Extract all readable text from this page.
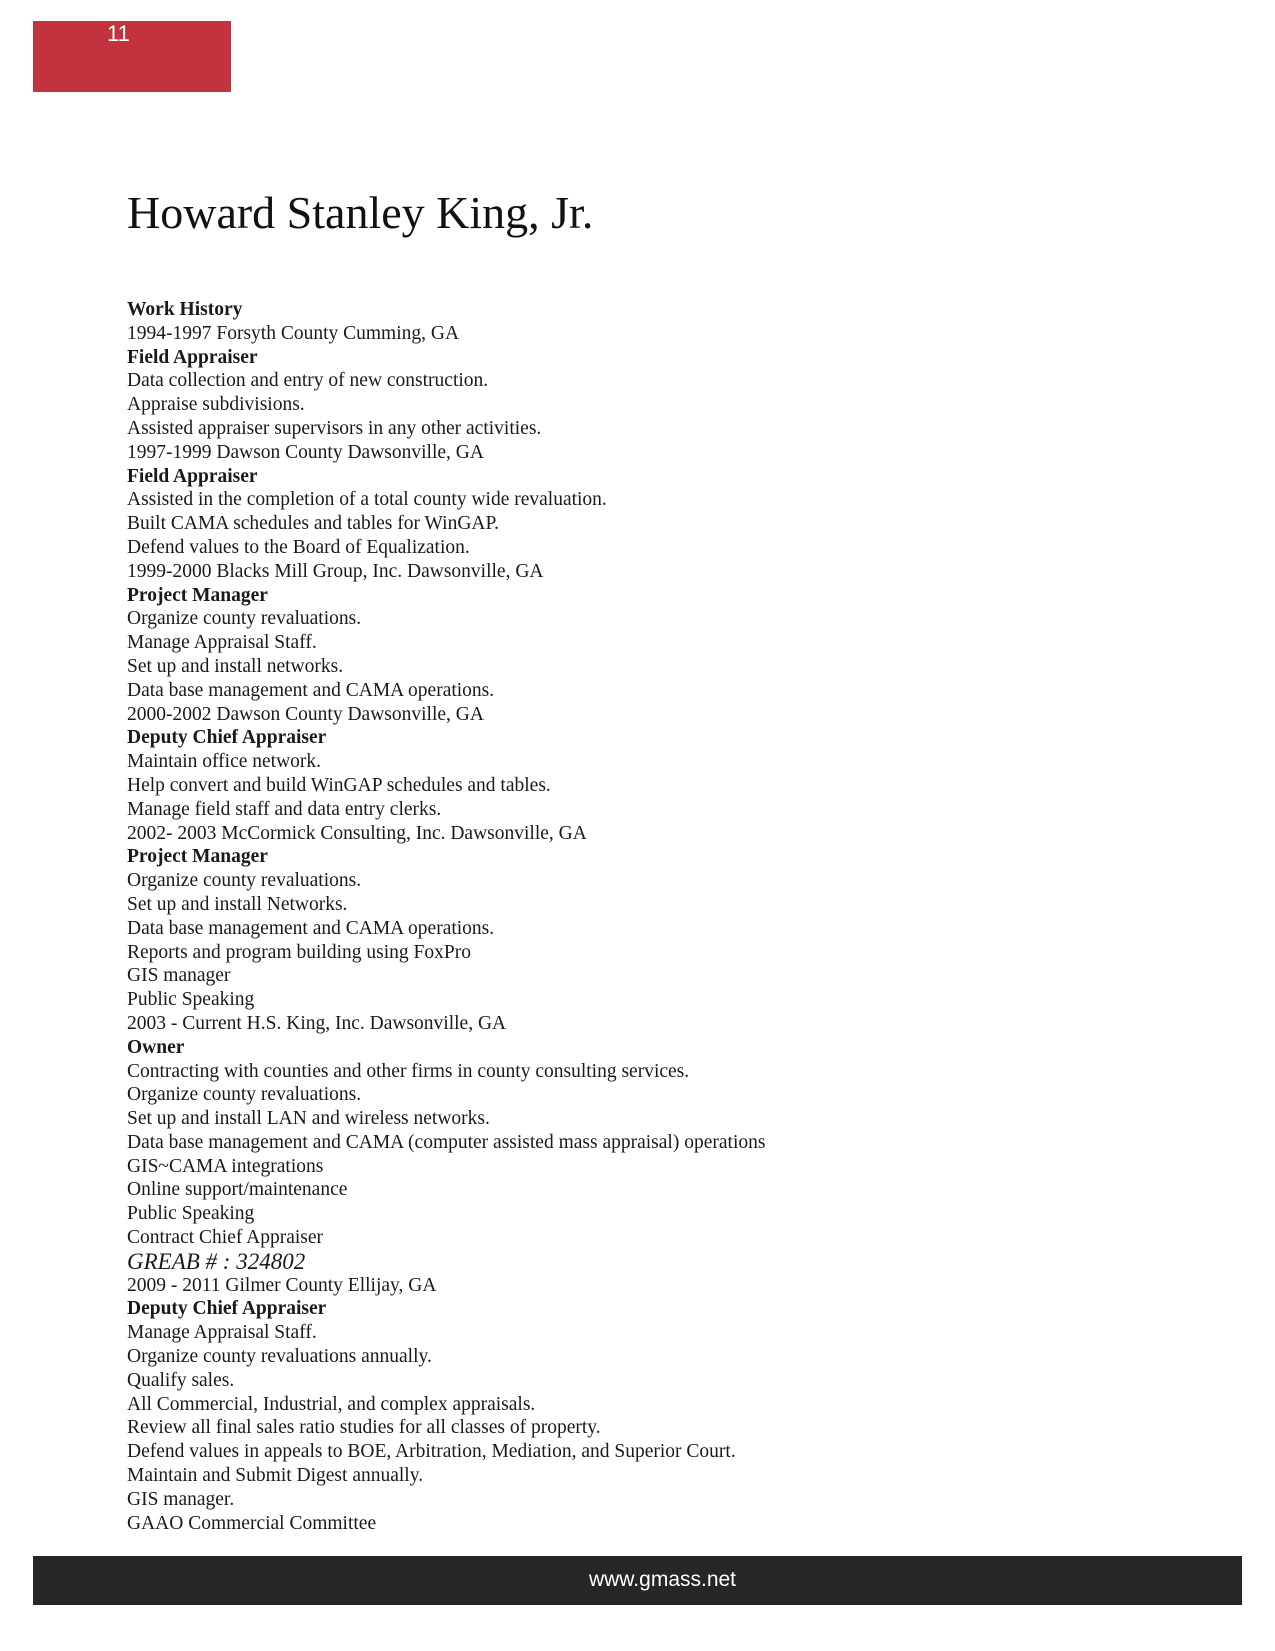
11
Howard Stanley King, Jr.
Work History
1994-1997 Forsyth County Cumming, GA
Field Appraiser
Data collection and entry of new construction.
Appraise subdivisions.
Assisted appraiser supervisors in any other activities.
1997-1999 Dawson County Dawsonville, GA
Field Appraiser
Assisted in the completion of a total county wide revaluation.
Built CAMA schedules and tables for WinGAP.
Defend values to the Board of Equalization.
1999-2000 Blacks Mill Group, Inc. Dawsonville, GA
Project Manager
Organize county revaluations.
Manage Appraisal Staff.
Set up and install networks.
Data base management and CAMA operations.
2000-2002 Dawson County Dawsonville, GA
Deputy Chief Appraiser
Maintain office network.
Help convert and build WinGAP schedules and tables.
Manage field staff and data entry clerks.
2002- 2003 McCormick Consulting, Inc. Dawsonville, GA
Project Manager
Organize county revaluations.
Set up and install Networks.
Data base management and CAMA operations.
Reports and program building using FoxPro
GIS manager
Public Speaking
2003 - Current H.S. King, Inc. Dawsonville, GA
Owner
Contracting with counties and other firms in county consulting services.
Organize county revaluations.
Set up and install LAN and wireless networks.
Data base management and CAMA (computer assisted mass appraisal) operations
GIS~CAMA integrations
Online support/maintenance
Public Speaking
Contract Chief Appraiser
GREAB # : 324802
2009 - 2011 Gilmer County Ellijay, GA
Deputy Chief Appraiser
Manage Appraisal Staff.
Organize county revaluations annually.
Qualify sales.
All Commercial, Industrial, and complex appraisals.
Review all final sales ratio studies for all classes of property.
Defend values in appeals to BOE, Arbitration, Mediation, and Superior Court.
Maintain and Submit Digest annually.
GIS manager.
GAAO Commercial Committee
www.gmass.net
